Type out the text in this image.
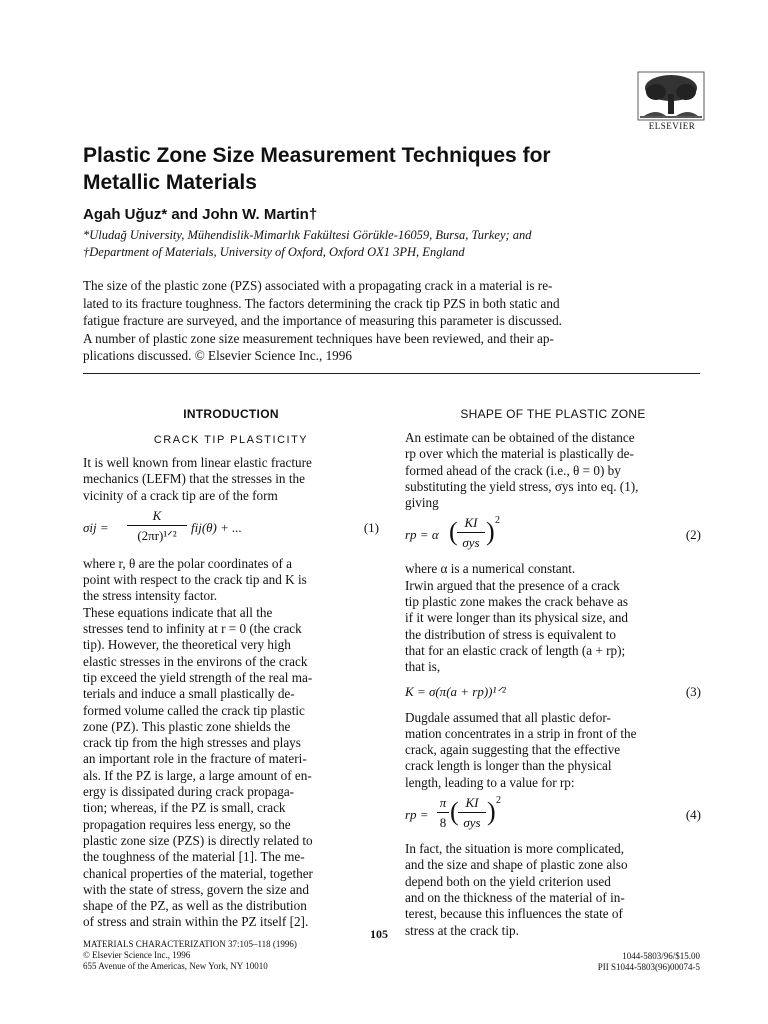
ELSEVIER
Plastic Zone Size Measurement Techniques for
Metallic Materials
Agah Uğuz* and John W. Martin†
*Uludağ University, Mühendislik-Mimarlık Fakültesi Görükle-16059, Bursa, Turkey; and
†Department of Materials, University of Oxford, Oxford OX1 3PH, England
The size of the plastic zone (PZS) associated with a propagating crack in a material is re-
lated to its fracture toughness. The factors determining the crack tip PZS in both static and
fatigue fracture are surveyed, and the importance of measuring this parameter is discussed.
A number of plastic zone size measurement techniques have been reviewed, and their ap-
plications discussed. © Elsevier Science Inc., 1996
INTRODUCTION
CRACK TIP PLASTICITY
It is well known from linear elastic fracture
mechanics (LEFM) that the stresses in the
vicinity of a crack tip are of the form
σij =
K
(2πr)¹ᐟ²
fij(θ) + ...	(1)
where r, θ are the polar coordinates of a
point with respect to the crack tip and K is
the stress intensity factor.
These equations indicate that all the
stresses tend to infinity at r = 0 (the crack
tip). However, the theoretical very high
elastic stresses in the environs of the crack
tip exceed the yield strength of the real ma-
terials and induce a small plastically de-
formed volume called the crack tip plastic
zone (PZ). This plastic zone shields the
crack tip from the high stresses and plays
an important role in the fracture of materi-
als. If the PZ is large, a large amount of en-
ergy is dissipated during crack propaga-
tion; whereas, if the PZ is small, crack
propagation requires less energy, so the
plastic zone size (PZS) is directly related to
the toughness of the material [1]. The me-
chanical properties of the material, together
with the state of stress, govern the size and
shape of the PZ, as well as the distribution
of stress and strain within the PZ itself [2].
SHAPE OF THE PLASTIC ZONE
An estimate can be obtained of the distance
rp over which the material is plastically de-
formed ahead of the crack (i.e., θ = 0) by
substituting the yield stress, σys into eq. (1),
giving
rp = α ( KI
σys ) 2
(2)
where α is a numerical constant.
Irwin argued that the presence of a crack
tip plastic zone makes the crack behave as
if it were longer than its physical size, and
the distribution of stress is equivalent to
that for an elastic crack of length (a + rp);
that is,
K = σ(π(a + rp))¹ᐟ²	(3)
Dugdale assumed that all plastic defor-
mation concentrates in a strip in front of the
crack, again suggesting that the effective
crack length is longer than the physical
length, leading to a value for rp:
rp =
π
8 ( KI
σys ) 2
(4)
In fact, the situation is more complicated,
and the size and shape of plastic zone also
depend both on the yield criterion used
and on the thickness of the material of in-
terest, because this influences the state of
stress at the crack tip.
105
MATERIALS CHARACTERIZATION 37:105–118 (1996)
© Elsevier Science Inc., 1996
655 Avenue of the Americas, New York, NY 10010
1044-5803/96/$15.00
PII S1044-5803(96)00074-5
